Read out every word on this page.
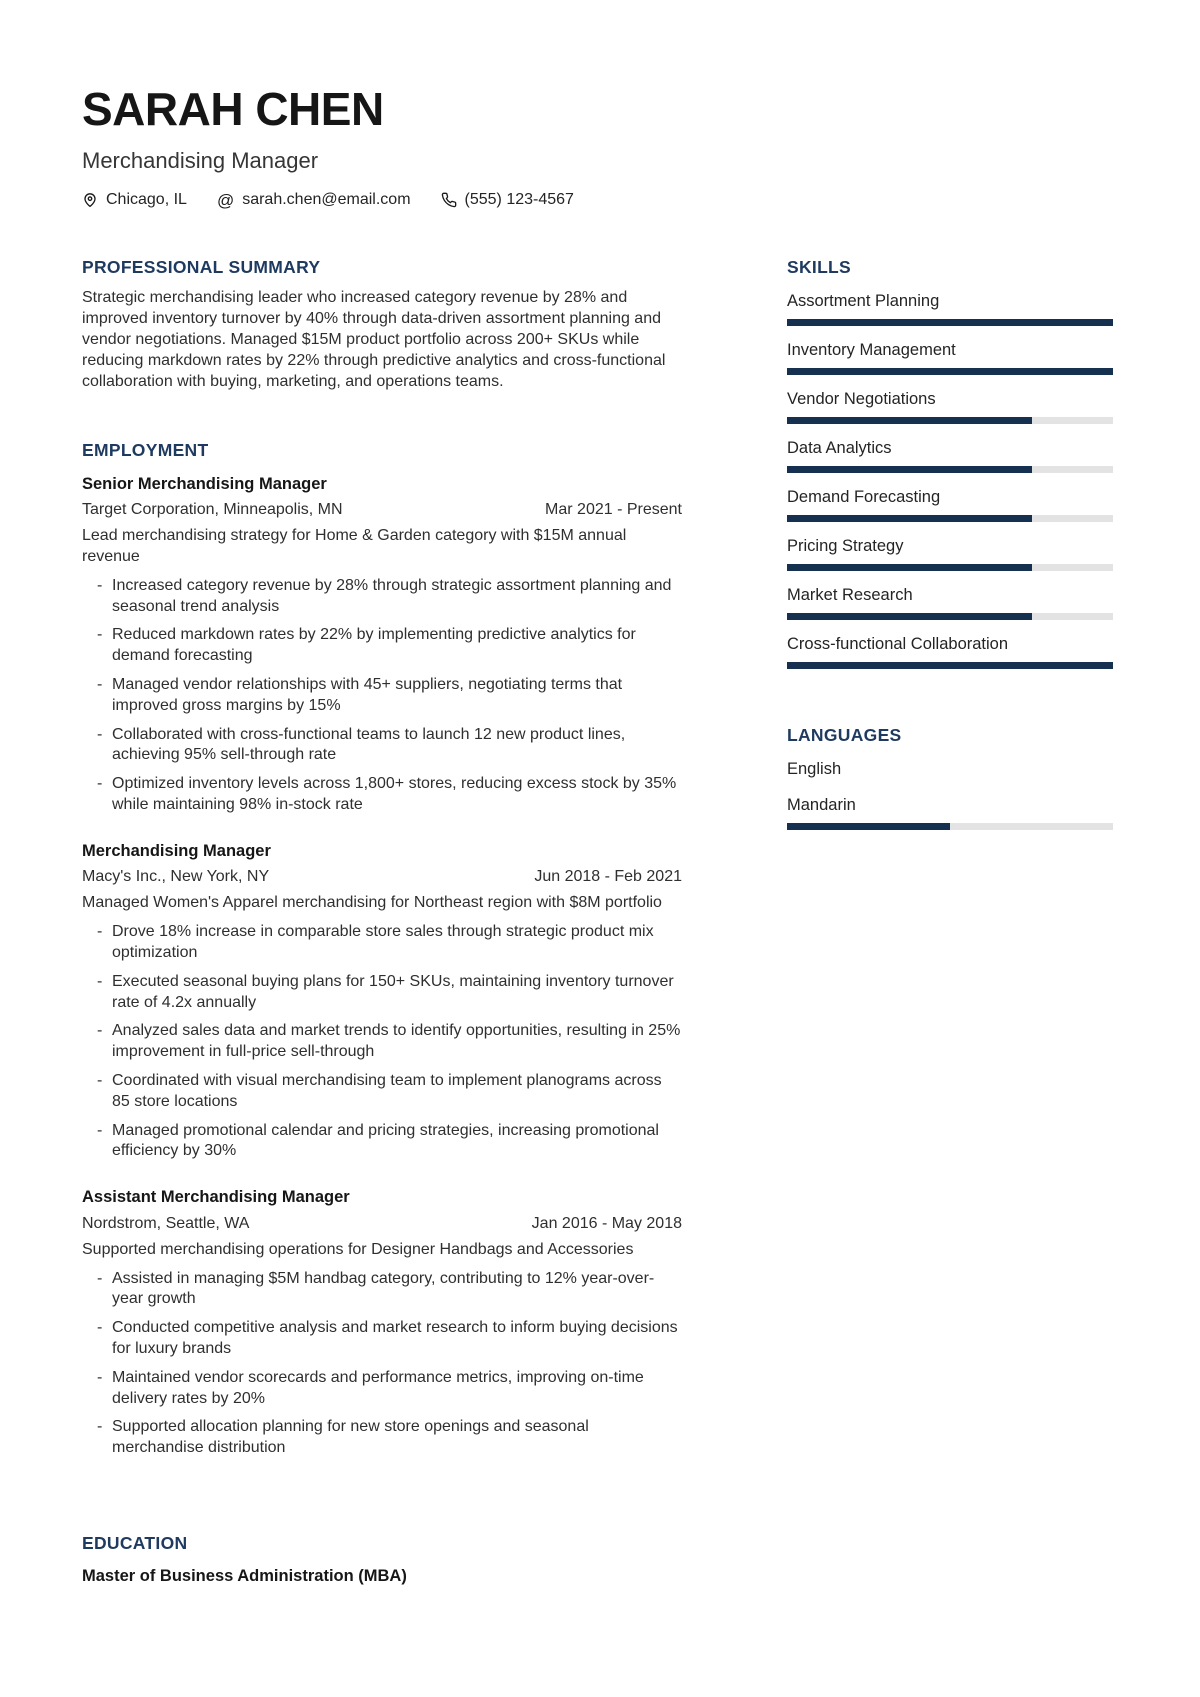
SARAH CHEN
Merchandising Manager
Chicago, IL @ sarah.chen@email.com	(555) 123-4567
PROFESSIONAL SUMMARY

Strategic merchandising leader who increased category revenue by 28% and improved inventory turnover by 40% through data-driven assortment planning and vendor negotiations. Managed $15M product portfolio across 200+ SKUs while reducing markdown rates by 22% through predictive analytics and cross-functional collaboration with buying, marketing, and operations teams.

EMPLOYMENT
Senior Merchandising Manager
Target Corporation, Minneapolis, MN	Mar 2021 - Present
Lead merchandising strategy for Home & Garden category with $15M annual revenue
- Increased category revenue by 28% through strategic assortment planning and seasonal trend analysis
- Reduced markdown rates by 22% by implementing predictive analytics for demand forecasting
- Managed vendor relationships with 45+ suppliers, negotiating terms that improved gross margins by 15%
- Collaborated with cross-functional teams to launch 12 new product lines, achieving 95% sell-through rate
- Optimized inventory levels across 1,800+ stores, reducing excess stock by 35% while maintaining 98% in-stock rate
Merchandising Manager
Macy's Inc., New York, NY	Jun 2018 - Feb 2021
Managed Women's Apparel merchandising for Northeast region with $8M portfolio
- Drove 18% increase in comparable store sales through strategic product mix optimization
- Executed seasonal buying plans for 150+ SKUs, maintaining inventory turnover rate of 4.2x annually
- Analyzed sales data and market trends to identify opportunities, resulting in 25% improvement in full-price sell-through
- Coordinated with visual merchandising team to implement planograms across 85 store locations
- Managed promotional calendar and pricing strategies, increasing promotional efficiency by 30%
Assistant Merchandising Manager
Nordstrom, Seattle, WA	Jan 2016 - May 2018
Supported merchandising operations for Designer Handbags and Accessories
- Assisted in managing $5M handbag category, contributing to 12% year-over-year growth
- Conducted competitive analysis and market research to inform buying decisions for luxury brands
- Maintained vendor scorecards and performance metrics, improving on-time delivery rates by 20%
- Supported allocation planning for new store openings and seasonal merchandise distribution
EDUCATION
Master of Business Administration (MBA)
SKILLS
Assortment Planning
Inventory Management
Vendor Negotiations
Data Analytics
Demand Forecasting
Pricing Strategy
Market Research
Cross-functional Collaboration
LANGUAGES
English
Mandarin
